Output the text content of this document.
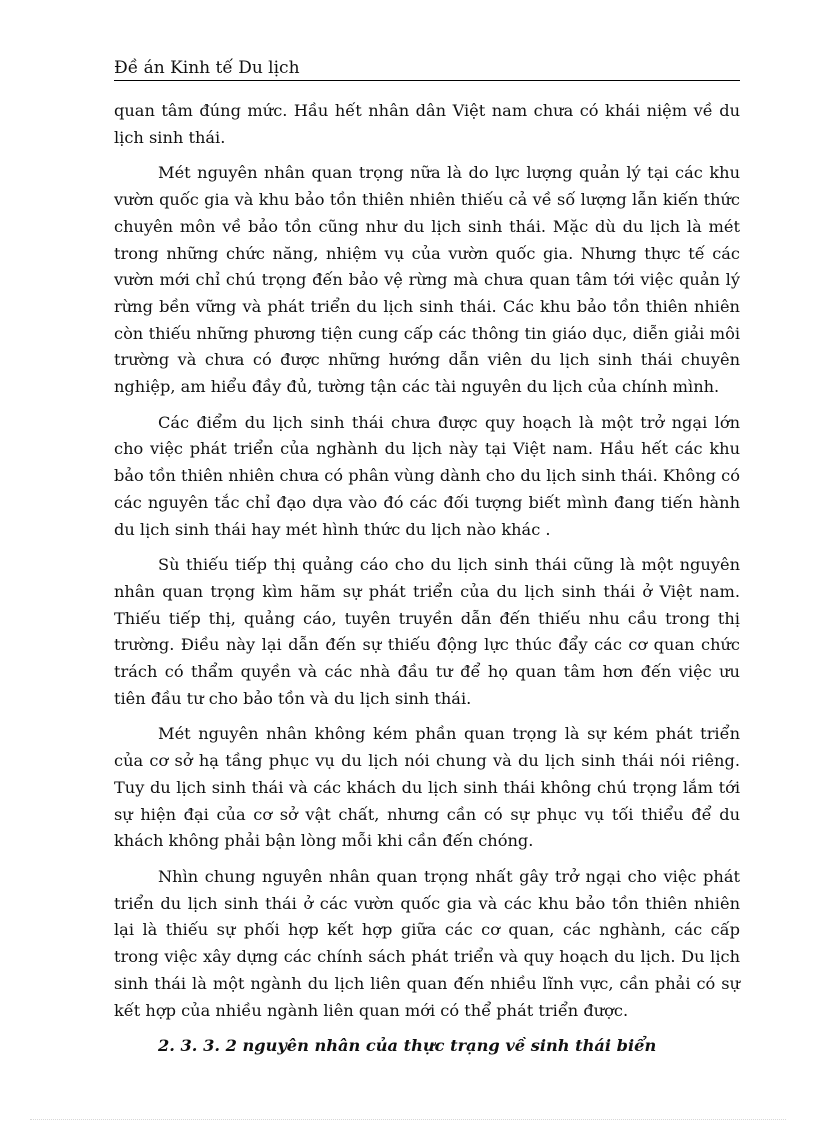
Đề án Kinh tế Du lịch

quan tâm đúng mức. Hầu hết nhân dân Việt nam chưa có khái niệm về du lịch sinh thái.

Mét nguyên nhân quan trọng nữa là do lực lượng quản lý tại các khu vườn quốc gia và khu bảo tồn thiên nhiên thiếu cả về số lượng lẫn kiến thức chuyên môn về bảo tồn cũng như du lịch sinh thái. Mặc dù du lịch là mét trong những chức năng, nhiệm vụ của vườn quốc gia. Nhưng thực tế các vườn mới chỉ chú trọng đến bảo vệ rừng mà chưa quan tâm tới việc quản lý rừng bền vững và phát triển du lịch sinh thái. Các khu bảo tồn thiên nhiên còn thiếu những phương tiện cung cấp các thông tin giáo dục, diễn giải môi trường và chưa có được những hướng dẫn viên du lịch sinh thái chuyên nghiệp, am hiểu đầy đủ, tường tận các tài nguyên du lịch của chính mình.

Các điểm du lịch sinh thái chưa được quy hoạch là một trở ngại lớn cho việc phát triển của nghành du lịch này tại Việt nam. Hầu hết các khu bảo tồn thiên nhiên chưa có phân vùng dành cho du lịch sinh thái. Không có các nguyên tắc chỉ đạo dựa vào đó các đối tượng biết mình đang tiến hành du lịch sinh thái hay mét hình thức du lịch nào khác .

Sù thiếu tiếp thị quảng cáo cho du lịch sinh thái cũng là một nguyên nhân quan trọng kìm hãm sự phát triển của du lịch sinh thái ở Việt nam. Thiếu tiếp thị, quảng cáo, tuyên truyền dẫn đến thiếu nhu cầu trong thị trường. Điều này lại dẫn đến sự thiếu động lực thúc đẩy các cơ quan chức trách có thẩm quyền và các nhà đầu tư để họ quan tâm hơn đến việc ưu tiên đầu tư cho bảo tồn và du lịch sinh thái.

Mét nguyên nhân không kém phần quan trọng là sự kém phát triển của cơ sở hạ tầng phục vụ du lịch nói chung và du lịch sinh thái nói riêng. Tuy du lịch sinh thái và các khách du lịch sinh thái không chú trọng lắm tới sự hiện đại của cơ sở vật chất, nhưng cần có sự phục vụ tối thiểu để du khách không phải bận lòng mỗi khi cần đến chóng.

Nhìn chung nguyên nhân quan trọng nhất gây trở ngại cho việc phát triển du lịch sinh thái ở các vườn quốc gia và các khu bảo tồn thiên nhiên lại là thiếu sự phối hợp kết hợp giữa các cơ quan, các nghành, các cấp trong việc xây dựng các chính sách phát triển và quy hoạch du lịch. Du lịch sinh thái là một ngành du lịch liên quan đến nhiều lĩnh vực, cần phải có sự kết hợp của nhiều ngành liên quan mới có thể phát triển được.

2. 3. 3. 2 nguyên nhân của thực trạng về sinh thái biển
